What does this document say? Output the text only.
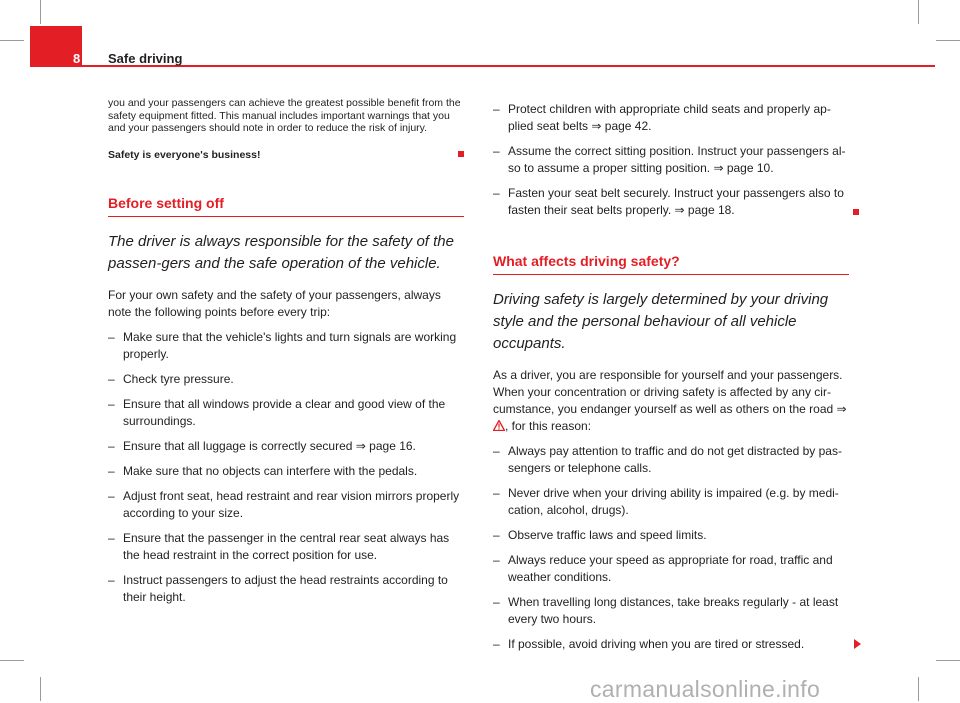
8 Safe driving

you and your passengers can achieve the greatest possible benefit from the safety equipment fitted. This manual includes important warnings that you and your passengers should note in order to reduce the risk of injury.

Safety is everyone's business!

Before setting off

The driver is always responsible for the safety of the passen-gers and the safe operation of the vehicle.

For your own safety and the safety of your passengers, always note the following points before every trip:

– Make sure that the vehicle's lights and turn signals are working properly.
– Check tyre pressure.
– Ensure that all windows provide a clear and good view of the surroundings.
– Ensure that all luggage is correctly secured ⇒ page 16.
– Make sure that no objects can interfere with the pedals.
– Adjust front seat, head restraint and rear vision mirrors properly according to your size.
– Ensure that the passenger in the central rear seat always has the head restraint in the correct position for use.
– Instruct passengers to adjust the head restraints according to their height.
– Protect children with appropriate child seats and properly ap-plied seat belts ⇒ page 42.
– Assume the correct sitting position. Instruct your passengers al-so to assume a proper sitting position. ⇒ page 10.
– Fasten your seat belt securely. Instruct your passengers also to fasten their seat belts properly. ⇒ page 18.
What affects driving safety?

Driving safety is largely determined by your driving style and the personal behaviour of all vehicle occupants.

As a driver, you are responsible for yourself and your passengers. When your concentration or driving safety is affected by any cir-cumstance, you endanger yourself as well as others on the road ⇒ , for this reason:

– Always pay attention to traffic and do not get distracted by pas-sengers or telephone calls.
– Never drive when your driving ability is impaired (e.g. by medi-cation, alcohol, drugs).
– Observe traffic laws and speed limits.
– Always reduce your speed as appropriate for road, traffic and weather conditions.
– When travelling long distances, take breaks regularly - at least every two hours.
– If possible, avoid driving when you are tired or stressed.
carmanualsonline.info
